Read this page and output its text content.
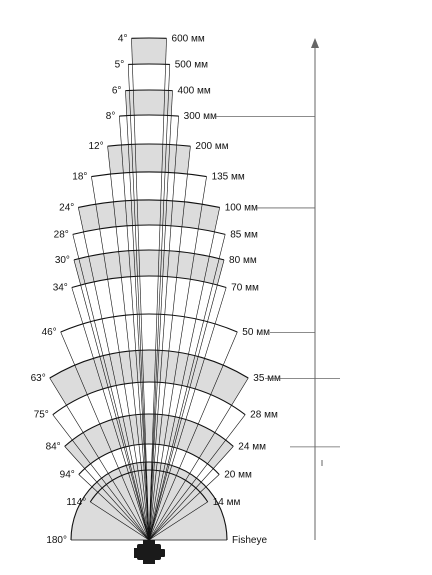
4°	600 мм
5°	500 мм
6°	400 мм
8°	300 мм
12°	200 мм
18°	135 мм
24°	100 мм
28°	85 мм
30°	80 мм
34°	70 мм
46°	50 мм
63°	35 мм
75°	28 мм
84°	24 мм
94°	20 мм
114°	14 мм
180°	Fisheye
